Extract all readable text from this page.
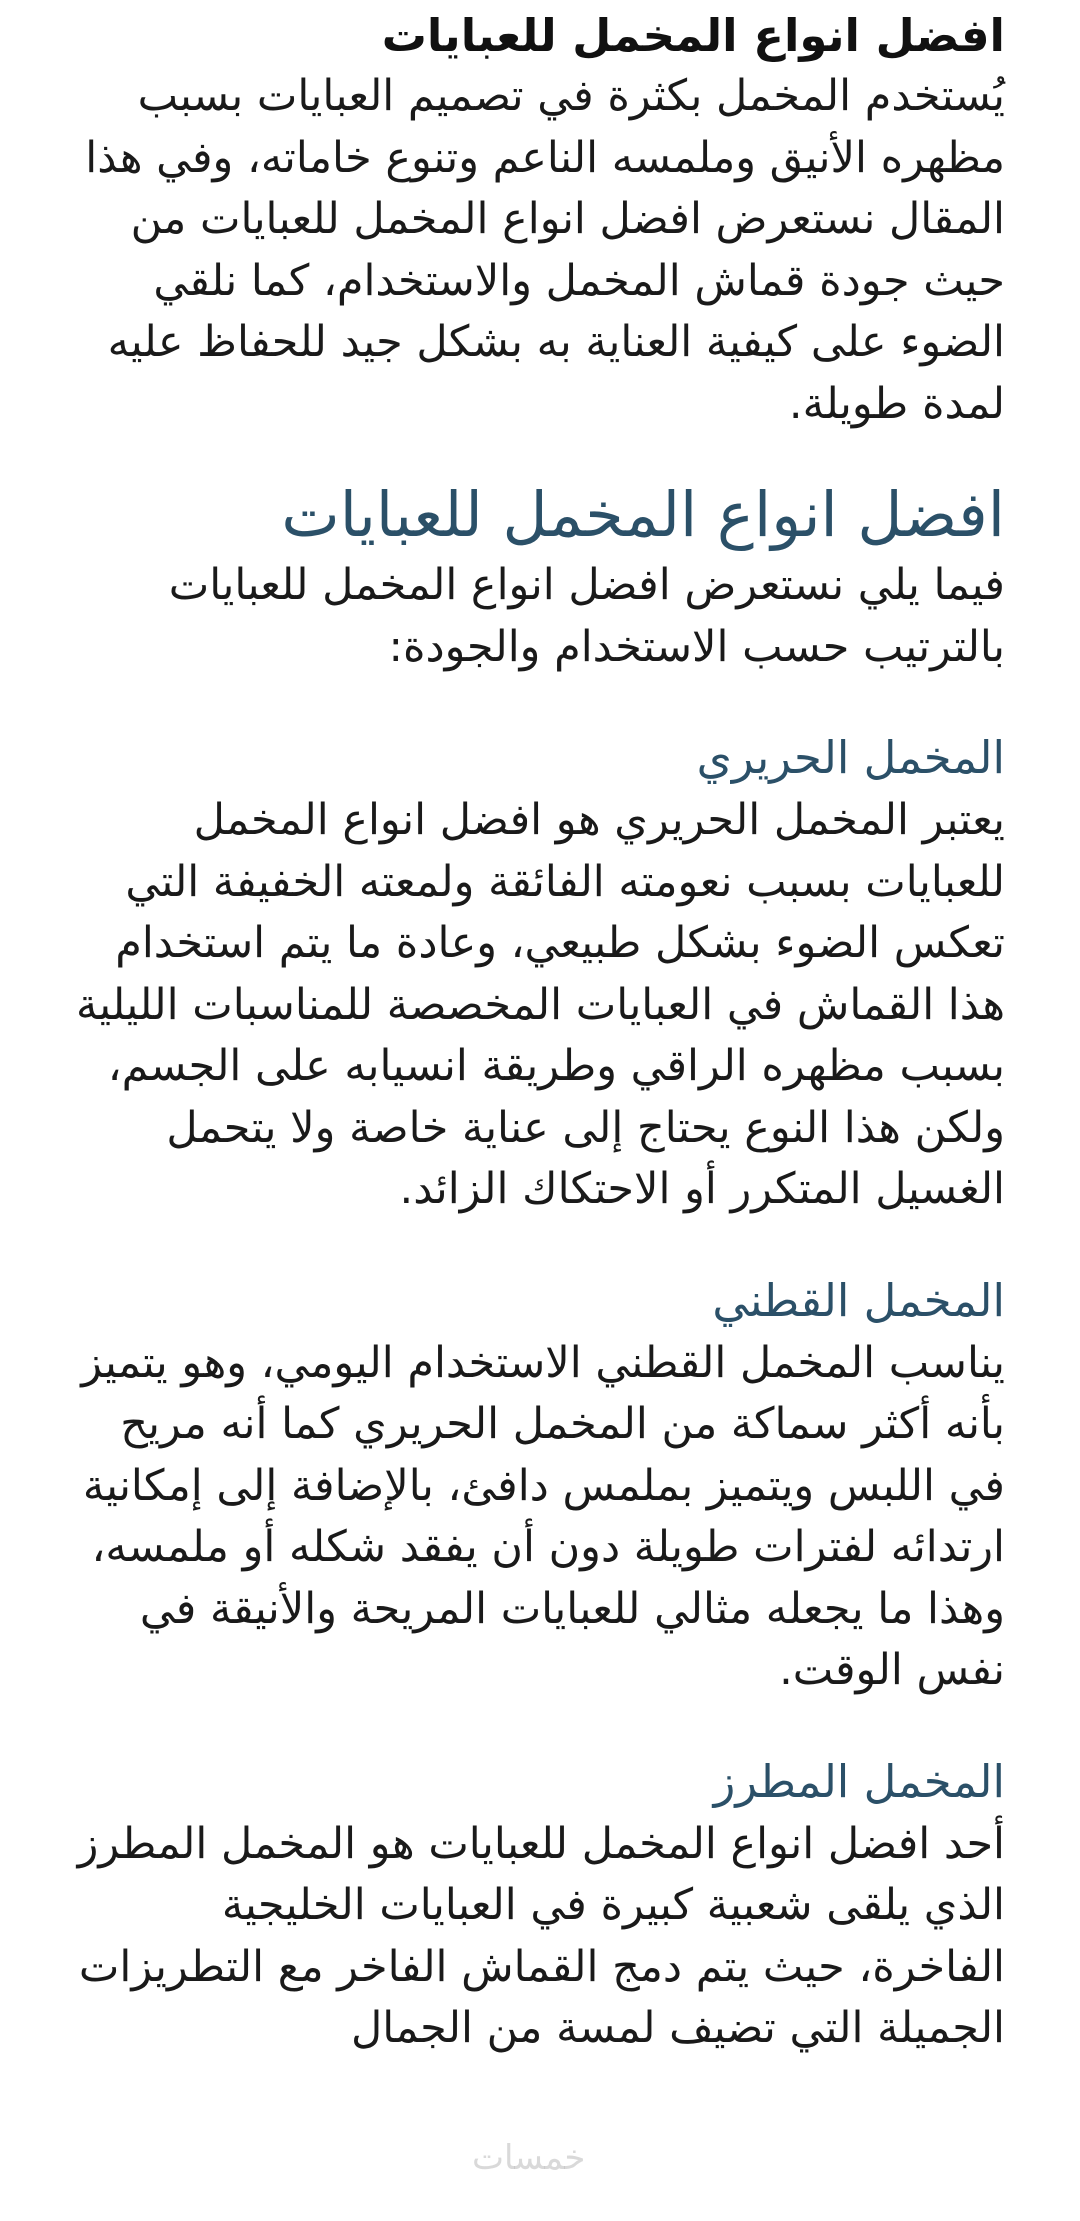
افضل انواع المخمل للعبايات

يُستخدم المخمل بكثرة في تصميم العبايات بسبب مظهره الأنيق وملمسه الناعم وتنوع خاماته، وفي هذا المقال نستعرض افضل انواع المخمل للعبايات من حيث جودة قماش المخمل والاستخدام، كما نلقي الضوء على كيفية العناية به بشكل جيد للحفاظ عليه لمدة طويلة.

افضل انواع المخمل للعبايات

فيما يلي نستعرض افضل انواع المخمل للعبايات بالترتيب حسب الاستخدام والجودة:

المخمل الحريري

يعتبر المخمل الحريري هو افضل انواع المخمل للعبايات بسبب نعومته الفائقة ولمعته الخفيفة التي تعكس الضوء بشكل طبيعي، وعادة ما يتم استخدام هذا القماش في العبايات المخصصة للمناسبات الليلية بسبب مظهره الراقي وطريقة انسيابه على الجسم، ولكن هذا النوع يحتاج إلى عناية خاصة ولا يتحمل الغسيل المتكرر أو الاحتكاك الزائد.

المخمل القطني

يناسب المخمل القطني الاستخدام اليومي، وهو يتميز بأنه أكثر سماكة من المخمل الحريري كما أنه مريح في اللبس ويتميز بملمس دافئ، بالإضافة إلى إمكانية ارتدائه لفترات طويلة دون أن يفقد شكله أو ملمسه، وهذا ما يجعله مثالي للعبايات المريحة والأنيقة في نفس الوقت.

المخمل المطرز

أحد افضل انواع المخمل للعبايات هو المخمل المطرز الذي يلقى شعبية كبيرة في العبايات الخليجية الفاخرة، حيث يتم دمج القماش الفاخر مع التطريزات الجميلة التي تضيف لمسة من الجمال

خمسات
